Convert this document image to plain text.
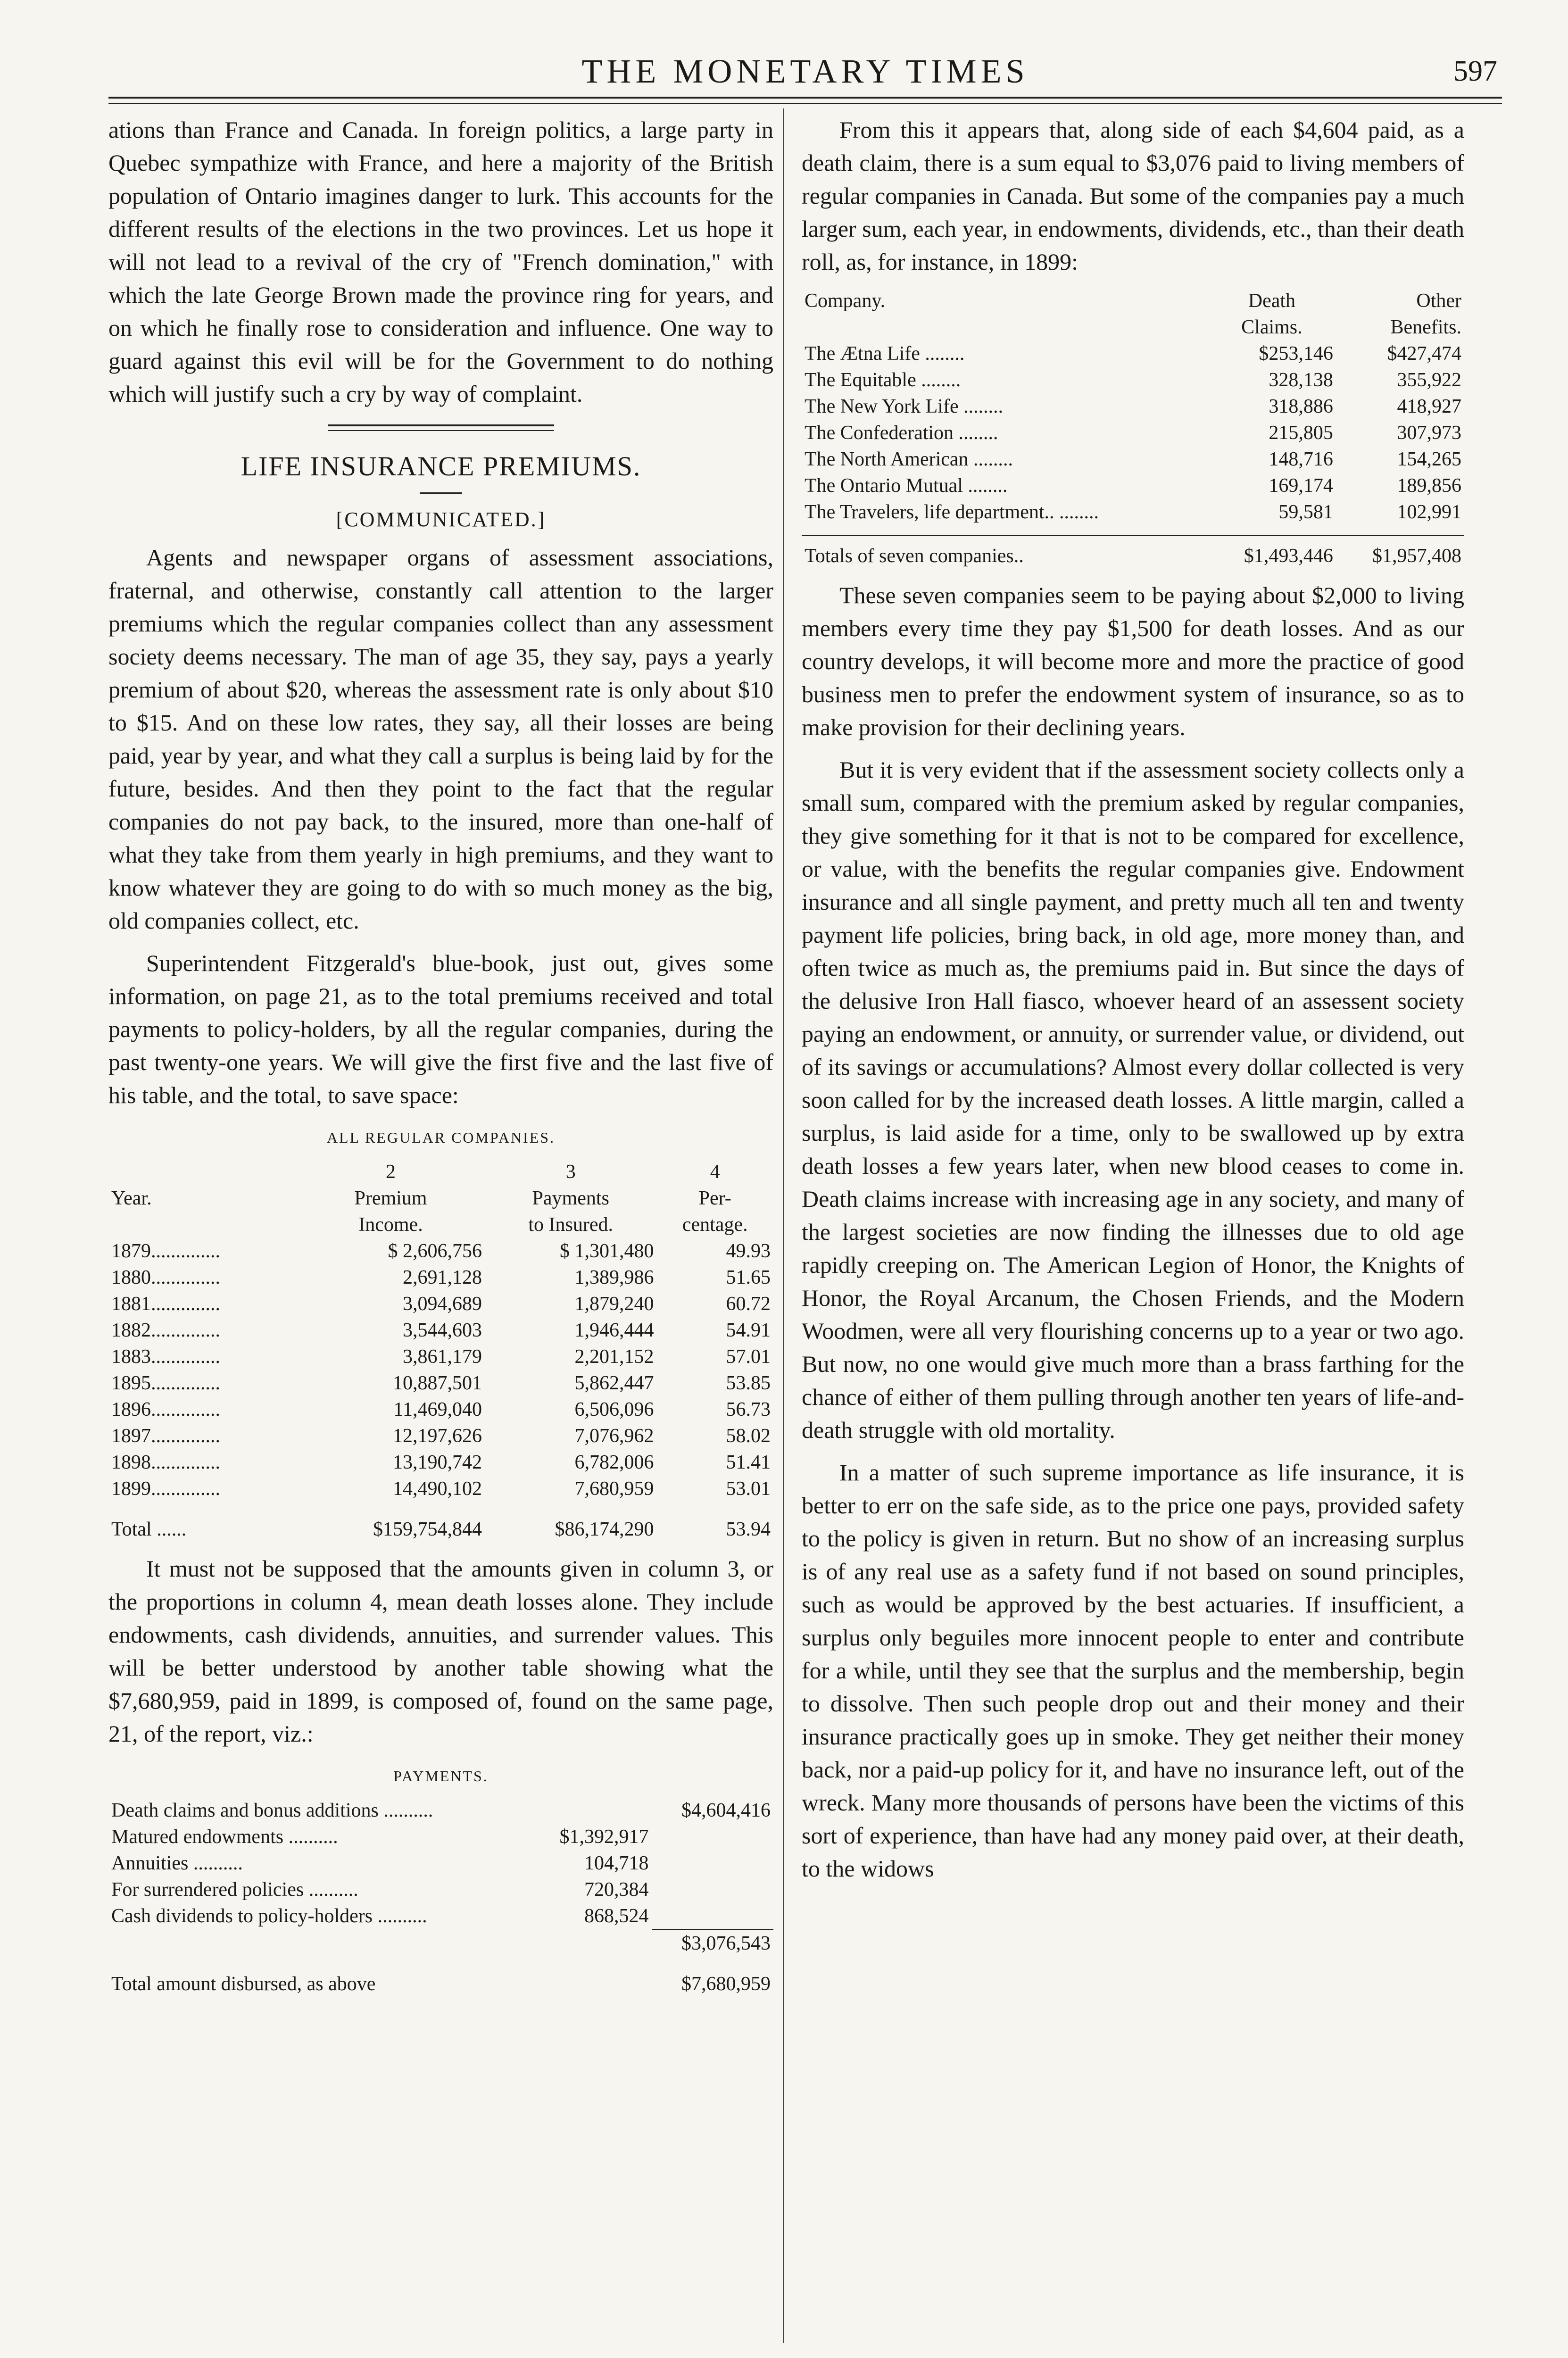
THE MONETARY TIMES	597

ations than France and Canada. In foreign politics, a large party in Quebec sympathize with France, and here a majority of the British population of Ontario imagines danger to lurk. This accounts for the different results of the elections in the two provinces. Let us hope it will not lead to a revival of the cry of "French domination," with which the late George Brown made the province ring for years, and on which he finally rose to consideration and influence. One way to guard against this evil will be for the Government to do nothing which will justify such a cry by way of complaint.

LIFE INSURANCE PREMIUMS.
[COMMUNICATED.]

Agents and newspaper organs of assessment associations, fraternal, and otherwise, constantly call attention to the larger premiums which the regular companies collect than any assessment society deems necessary. The man of age 35, they say, pays a yearly premium of about $20, whereas the assessment rate is only about $10 to $15. And on these low rates, they say, all their losses are being paid, year by year, and what they call a surplus is being laid by for the future, besides. And then they point to the fact that the regular companies do not pay back, to the insured, more than one-half of what they take from them yearly in high premiums, and they want to know whatever they are going to do with so much money as the big, old companies collect, etc.

Superintendent Fitzgerald's blue-book, just out, gives some information, on page 21, as to the total premiums received and total payments to policy-holders, by all the regular companies, during the past twenty-one years. We will give the first five and the last five of his table, and the total, to save space:

ALL REGULAR COMPANIES.
	2	3	4
Year.	Premium	Payments	Per-
	Income.	to Insured.	centage.
1879..............	$ 2,606,756	$ 1,301,480	49.93
1880..............	2,691,128	1,389,986	51.65
1881..............	3,094,689	1,879,240	60.72
1882..............	3,544,603	1,946,444	54.91
1883..............	3,861,179	2,201,152	57.01
1895..............	10,887,501	5,862,447	53.85
1896..............	11,469,040	6,506,096	56.73
1897..............	12,197,626	7,076,962	58.02
1898..............	13,190,742	6,782,006	51.41
1899..............	14,490,102	7,680,959	53.01

Total ......	$159,754,844	$86,174,290	53.94

It must not be supposed that the amounts given in column 3, or the proportions in column 4, mean death losses alone. They include endowments, cash dividends, annuities, and surrender values. This will be better understood by another table showing what the $7,680,959, paid in 1899, is composed of, found on the same page, 21, of the report, viz.:

PAYMENTS.
Death claims and bonus additions ..........		$4,604,416
Matured endowments ..........	$1,392,917	
Annuities ..........	104,718	
For surrendered policies ..........	720,384	
Cash dividends to policy-holders ..........	868,524	
		$3,076,543

Total amount disbursed, as above		$7,680,959

From this it appears that, along side of each $4,604 paid, as a death claim, there is a sum equal to $3,076 paid to living members of regular companies in Canada. But some of the companies pay a much larger sum, each year, in endowments, dividends, etc., than their death roll, as, for instance, in 1899:

Company.	Death	Other
	Claims.	Benefits.
The Ætna Life ........	$253,146	$427,474
The Equitable ........	328,138	355,922
The New York Life ........	318,886	418,927
The Confederation ........	215,805	307,973
The North American ........	148,716	154,265
The Ontario Mutual ........	169,174	189,856
The Travelers, life department.. ........	59,581	102,991

Totals of seven companies..	$1,493,446	$1,957,408

These seven companies seem to be paying about $2,000 to living members every time they pay $1,500 for death losses. And as our country develops, it will become more and more the practice of good business men to prefer the endowment system of insurance, so as to make provision for their declining years.

But it is very evident that if the assessment society collects only a small sum, compared with the premium asked by regular companies, they give something for it that is not to be compared for excellence, or value, with the benefits the regular companies give. Endowment insurance and all single payment, and pretty much all ten and twenty payment life policies, bring back, in old age, more money than, and often twice as much as, the premiums paid in. But since the days of the delusive Iron Hall fiasco, whoever heard of an assessent society paying an endowment, or annuity, or surrender value, or dividend, out of its savings or accumulations? Almost every dollar collected is very soon called for by the increased death losses. A little margin, called a surplus, is laid aside for a time, only to be swallowed up by extra death losses a few years later, when new blood ceases to come in. Death claims increase with increasing age in any society, and many of the largest societies are now finding the illnesses due to old age rapidly creeping on. The American Legion of Honor, the Knights of Honor, the Royal Arcanum, the Chosen Friends, and the Modern Woodmen, were all very flourishing concerns up to a year or two ago. But now, no one would give much more than a brass farthing for the chance of either of them pulling through another ten years of life-and-death struggle with old mortality.

In a matter of such supreme importance as life insurance, it is better to err on the safe side, as to the price one pays, provided safety to the policy is given in return. But no show of an increasing surplus is of any real use as a safety fund if not based on sound principles, such as would be approved by the best actuaries. If insufficient, a surplus only beguiles more innocent people to enter and contribute for a while, until they see that the surplus and the membership, begin to dissolve. Then such people drop out and their money and their insurance practically goes up in smoke. They get neither their money back, nor a paid-up policy for it, and have no insurance left, out of the wreck. Many more thousands of persons have been the victims of this sort of experience, than have had any money paid over, at their death, to the widows
